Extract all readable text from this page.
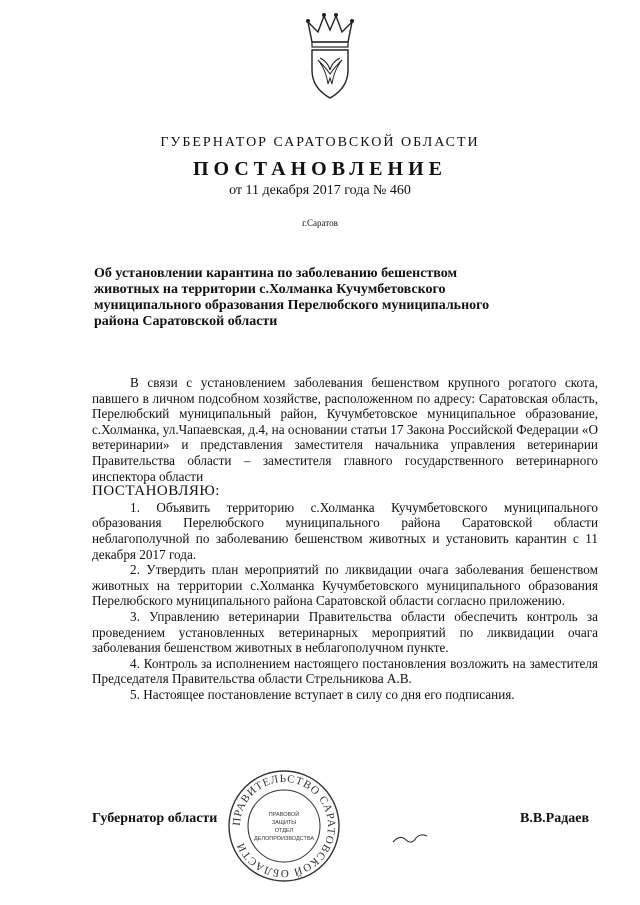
ГУБЕРНАТОР САРАТОВСКОЙ ОБЛАСТИ
ПОСТАНОВЛЕНИЕ
от 11 декабря 2017 года № 460
г.Саратов
Об установлении карантина по заболеванию бешенством животных на территории с.Холманка Кучумбетовского муниципального образования Перелюбского муниципального района Саратовской области

В связи с установлением заболевания бешенством крупного рогатого скота, павшего в личном подсобном хозяйстве, расположенном по адресу: Саратовская область, Перелюбский муниципальный район, Кучумбетовское муниципальное образование, с.Холманка, ул.Чапаевская, д.4, на основании статьи 17 Закона Российской Федерации «О ветеринарии» и представления заместителя начальника управления ветеринарии Правительства области – заместителя главного государственного ветеринарного инспектора области

ПОСТАНОВЛЯЮ:

1. Объявить территорию с.Холманка Кучумбетовского муниципального образования Перелюбского муниципального района Саратовской области неблагополучной по заболеванию бешенством животных и установить карантин с 11 декабря 2017 года.

2. Утвердить план мероприятий по ликвидации очага заболевания бешенством животных на территории с.Холманка Кучумбетовского муниципального образования Перелюбского муниципального района Саратовской области согласно приложению.

3. Управлению ветеринарии Правительства области обеспечить контроль за проведением установленных ветеринарных мероприятий по ликвидации очага заболевания бешенством животных в неблагополучном пункте.

4. Контроль за исполнением настоящего постановления возложить на заместителя Председателя Правительства области Стрельникова А.В.

5. Настоящее постановление вступает в силу со дня его подписания.

Губернатор области ПРАВИТЕЛЬСТВО САРАТОВСКОЙ ОБЛАСТИ
ПРАВОВОЙ
ЗАЩИТЫ
ОТДЕЛ
ДЕЛОПРОИЗВОДСТВА
В.В.Радаев
